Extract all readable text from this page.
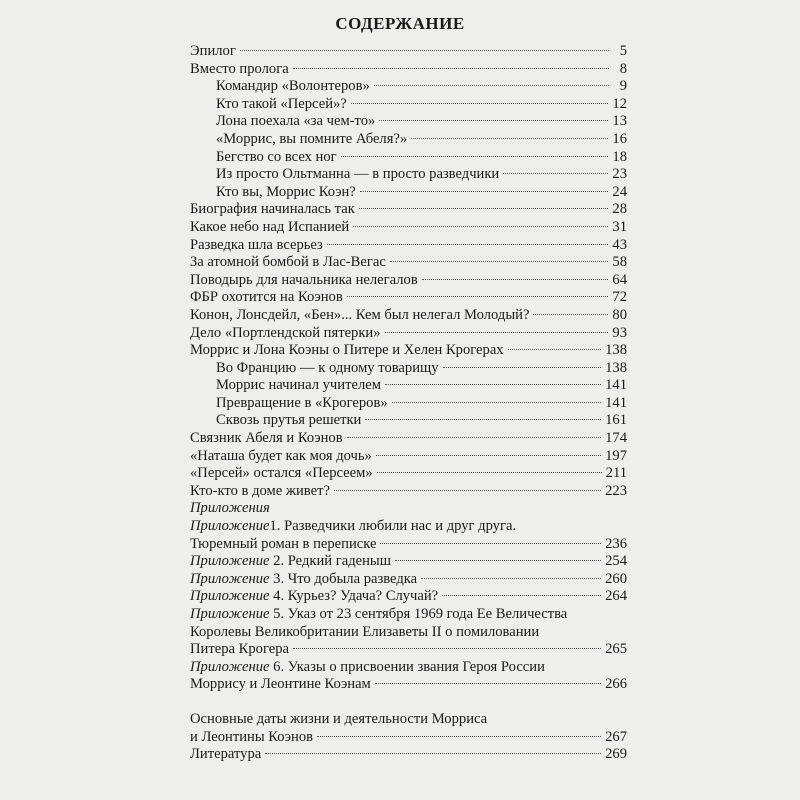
СОДЕРЖАНИЕ
Эпилог	5
Вместо пролога	8
Командир «Волонтеров»	9
Кто такой «Персей»?	12
Лона поехала «за чем-то»	13
«Моррис, вы помните Абеля?»	16
Бегство со всех ног	18
Из просто Ольтманна — в просто разведчики	23
Кто вы, Моррис Коэн?	24
Биография начиналась так	28
Какое небо над Испанией	31
Разведка шла всерьез	43
За атомной бомбой в Лас-Вегас	58
Поводырь для начальника нелегалов	64
ФБР охотится на Коэнов	72
Конон, Лонсдейл, «Бен»... Кем был нелегал Молодый?	80
Дело «Портлендской пятерки»	93
Моррис и Лона Коэны о Питере и Хелен Крогерах	138
Во Францию — к одному товарищу	138
Моррис начинал учителем	141
Превращение в «Крогеров»	141
Сквозь прутья решетки	161
Связник Абеля и Коэнов	174
«Наташа будет как моя дочь»	197
«Персей» остался «Персеем»	211
Кто-кто в доме живет?	223
Приложения
Приложение1. Разведчики любили нас и друг друга.
Тюремный роман в переписке	236
Приложение 2. Редкий гаденыш	254
Приложение 3. Что добыла разведка	260
Приложение 4. Курьез? Удача? Случай?	264
Приложение 5. Указ от 23 сентября 1969 года Ее Величества
Королевы Великобритании Елизаветы II о помиловании
Питера Крогера	265
Приложение 6. Указы о присвоении звания Героя России
Моррису и Леонтине Коэнам	266
Основные даты жизни и деятельности Морриса
и Леонтины Коэнов	267
Литература	269
